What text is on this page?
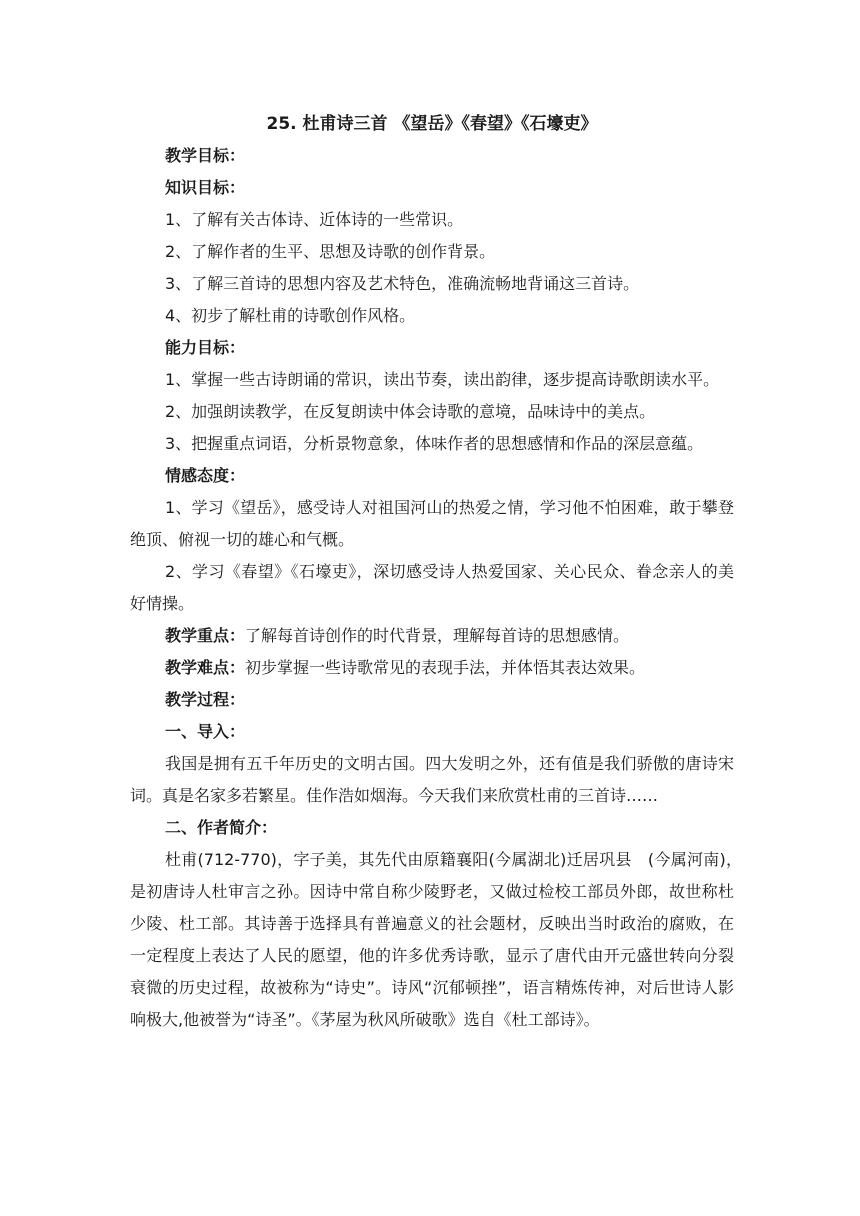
25. 杜甫诗三首 《望岳》《春望》《石壕吏》

教学目标：

知识目标：

1、了解有关古体诗、近体诗的一些常识。

2、了解作者的生平、思想及诗歌的创作背景。

3、了解三首诗的思想内容及艺术特色，准确流畅地背诵这三首诗。

4、初步了解杜甫的诗歌创作风格。

能力目标：

1、掌握一些古诗朗诵的常识，读出节奏，读出韵律，逐步提高诗歌朗读水平。

2、加强朗读教学，在反复朗读中体会诗歌的意境，品味诗中的美点。

3、把握重点词语，分析景物意象，体味作者的思想感情和作品的深层意蕴。

情感态度：

1、学习《望岳》，感受诗人对祖国河山的热爱之情，学习他不怕困难，敢于攀登绝顶、俯视一切的雄心和气概。

2、学习《春望》《石壕吏》，深切感受诗人热爱国家、关心民众、眷念亲人的美好情操。

教学重点：了解每首诗创作的时代背景，理解每首诗的思想感情。

教学难点：初步掌握一些诗歌常见的表现手法，并体悟其表达效果。

教学过程：

一、导入：

我国是拥有五千年历史的文明古国。四大发明之外，还有值是我们骄傲的唐诗宋词。真是名家多若繁星。佳作浩如烟海。今天我们来欣赏杜甫的三首诗……

二、作者简介：

杜甫(712-770)，字子美，其先代由原籍襄阳(今属湖北)迁居巩县　(今属河南)，　是初唐诗人杜审言之孙。因诗中常自称少陵野老，又做过检校工部员外郎，故世称杜少陵、杜工部。其诗善于选择具有普遍意义的社会题材，反映出当时政治的腐败，在一定程度上表达了人民的愿望，他的许多优秀诗歌，显示了唐代由开元盛世转向分裂衰微的历史过程，故被称为“诗史”。诗风“沉郁顿挫”，语言精炼传神，对后世诗人影响极大,他被誉为“诗圣”。《茅屋为秋风所破歌》选自《杜工部诗》。
